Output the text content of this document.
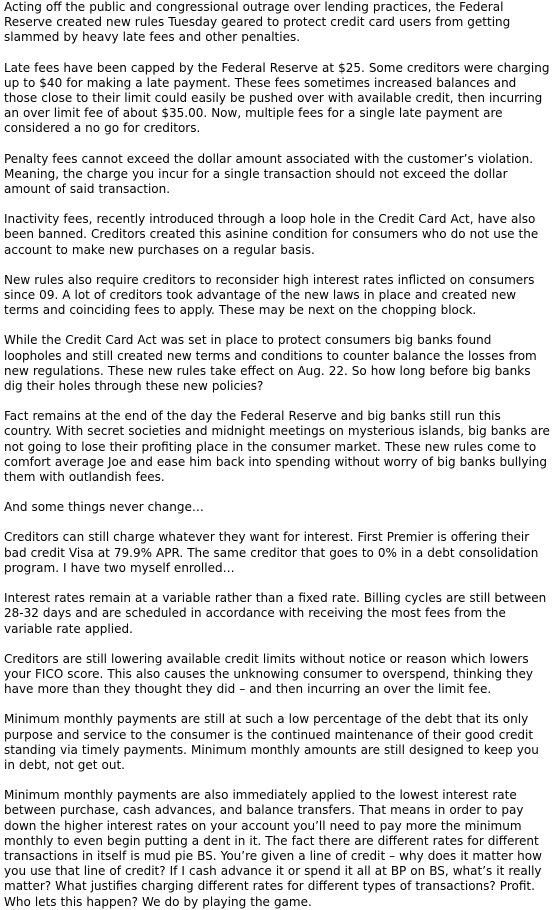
Acting off the public and congressional outrage over lending practices, the Federal Reserve created new rules Tuesday geared to protect credit card users from getting slammed by heavy late fees and other penalties.

Late fees have been capped by the Federal Reserve at $25. Some creditors were charging up to $40 for making a late payment. These fees sometimes increased balances and those close to their limit could easily be pushed over with available credit, then incurring an over limit fee of about $35.00. Now, multiple fees for a single late payment are considered a no go for creditors.

Penalty fees cannot exceed the dollar amount associated with the customer’s violation. Meaning, the charge you incur for a single transaction should not exceed the dollar amount of said transaction.

Inactivity fees, recently introduced through a loop hole in the Credit Card Act, have also been banned. Creditors created this asinine condition for consumers who do not use the account to make new purchases on a regular basis.

New rules also require creditors to reconsider high interest rates inflicted on consumers since 09. A lot of creditors took advantage of the new laws in place and created new terms and coinciding fees to apply. These may be next on the chopping block.

While the Credit Card Act was set in place to protect consumers big banks found loopholes and still created new terms and conditions to counter balance the losses from new regulations. These new rules take effect on Aug. 22. So how long before big banks dig their holes through these new policies?

Fact remains at the end of the day the Federal Reserve and big banks still run this country. With secret societies and midnight meetings on mysterious islands, big banks are not going to lose their profiting place in the consumer market. These new rules come to comfort average Joe and ease him back into spending without worry of big banks bullying them with outlandish fees.

And some things never change…

Creditors can still charge whatever they want for interest. First Premier is offering their bad credit Visa at 79.9% APR. The same creditor that goes to 0% in a debt consolidation program. I have two myself enrolled…

Interest rates remain at a variable rather than a fixed rate. Billing cycles are still between 28-32 days and are scheduled in accordance with receiving the most fees from the variable rate applied.

Creditors are still lowering available credit limits without notice or reason which lowers your FICO score. This also causes the unknowing consumer to overspend, thinking they have more than they thought they did – and then incurring an over the limit fee.

Minimum monthly payments are still at such a low percentage of the debt that its only purpose and service to the consumer is the continued maintenance of their good credit standing via timely payments. Minimum monthly amounts are still designed to keep you in debt, not get out.

Minimum monthly payments are also immediately applied to the lowest interest rate between purchase, cash advances, and balance transfers. That means in order to pay down the higher interest rates on your account you’ll need to pay more the minimum monthly to even begin putting a dent in it. The fact there are different rates for different transactions in itself is mud pie BS. You’re given a line of credit – why does it matter how you use that line of credit? If I cash advance it or spend it all at BP on BS, what’s it really matter? What justifies charging different rates for different types of transactions? Profit. Who lets this happen? We do by playing the game.
